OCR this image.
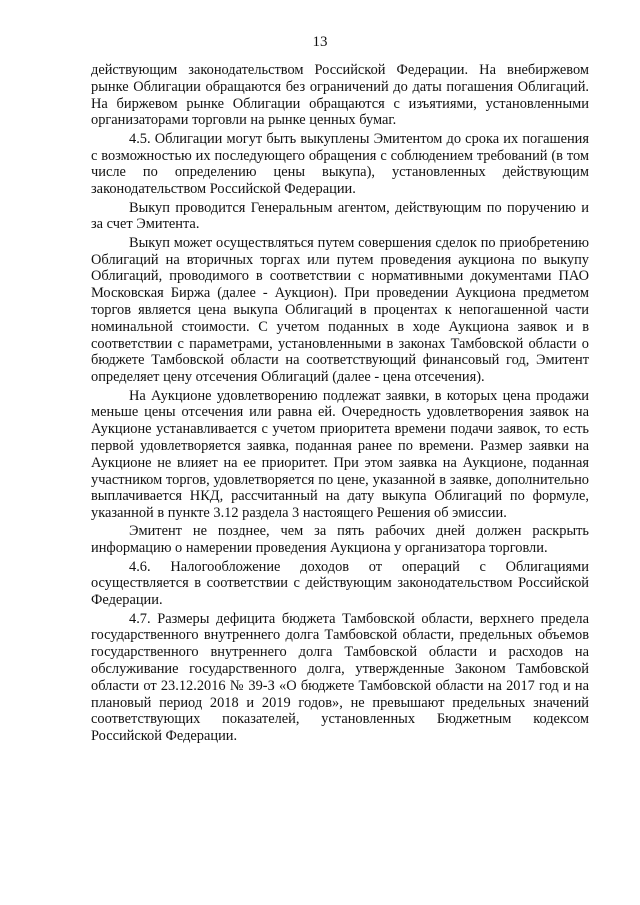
13

действующим законодательством Российской Федерации. На внебиржевом рынке Облигации обращаются без ограничений до даты погашения Облигаций. На биржевом рынке Облигации обращаются с изъятиями, установленными организаторами торговли на рынке ценных бумаг.

4.5. Облигации могут быть выкуплены Эмитентом до срока их погашения с возможностью их последующего обращения с соблюдением требований (в том числе по определению цены выкупа), установленных действующим законодательством Российской Федерации.

Выкуп проводится Генеральным агентом, действующим по поручению и за счет Эмитента.

Выкуп может осуществляться путем совершения сделок по приобретению Облигаций на вторичных торгах или путем проведения аукциона по выкупу Облигаций, проводимого в соответствии с нормативными документами ПАО Московская Биржа (далее - Аукцион). При проведении Аукциона предметом торгов является цена выкупа Облигаций в процентах к непогашенной части номинальной стоимости. С учетом поданных в ходе Аукциона заявок и в соответствии с параметрами, установленными в законах Тамбовской области о бюджете Тамбовской области на соответствующий финансовый год, Эмитент определяет цену отсечения Облигаций (далее - цена отсечения).

На Аукционе удовлетворению подлежат заявки, в которых цена продажи меньше цены отсечения или равна ей. Очередность удовлетворения заявок на Аукционе устанавливается с учетом приоритета времени подачи заявок, то есть первой удовлетворяется заявка, поданная ранее по времени. Размер заявки на Аукционе не влияет на ее приоритет. При этом заявка на Аукционе, поданная участником торгов, удовлетворяется по цене, указанной в заявке, дополнительно выплачивается НКД, рассчитанный на дату выкупа Облигаций по формуле, указанной в пункте 3.12 раздела 3 настоящего Решения об эмиссии.

Эмитент не позднее, чем за пять рабочих дней должен раскрыть информацию о намерении проведения Аукциона у организатора торговли.

4.6. Налогообложение доходов от операций с Облигациями осуществляется в соответствии с действующим законодательством Российской Федерации.

4.7. Размеры дефицита бюджета Тамбовской области, верхнего предела государственного внутреннего долга Тамбовской области, предельных объемов государственного внутреннего долга Тамбовской области и расходов на обслуживание государственного долга, утвержденные Законом Тамбовской области от 23.12.2016 № 39-З «О бюджете Тамбовской области на 2017 год и на плановый период 2018 и 2019 годов», не превышают предельных значений соответствующих показателей, установленных Бюджетным кодексом Российской Федерации.
